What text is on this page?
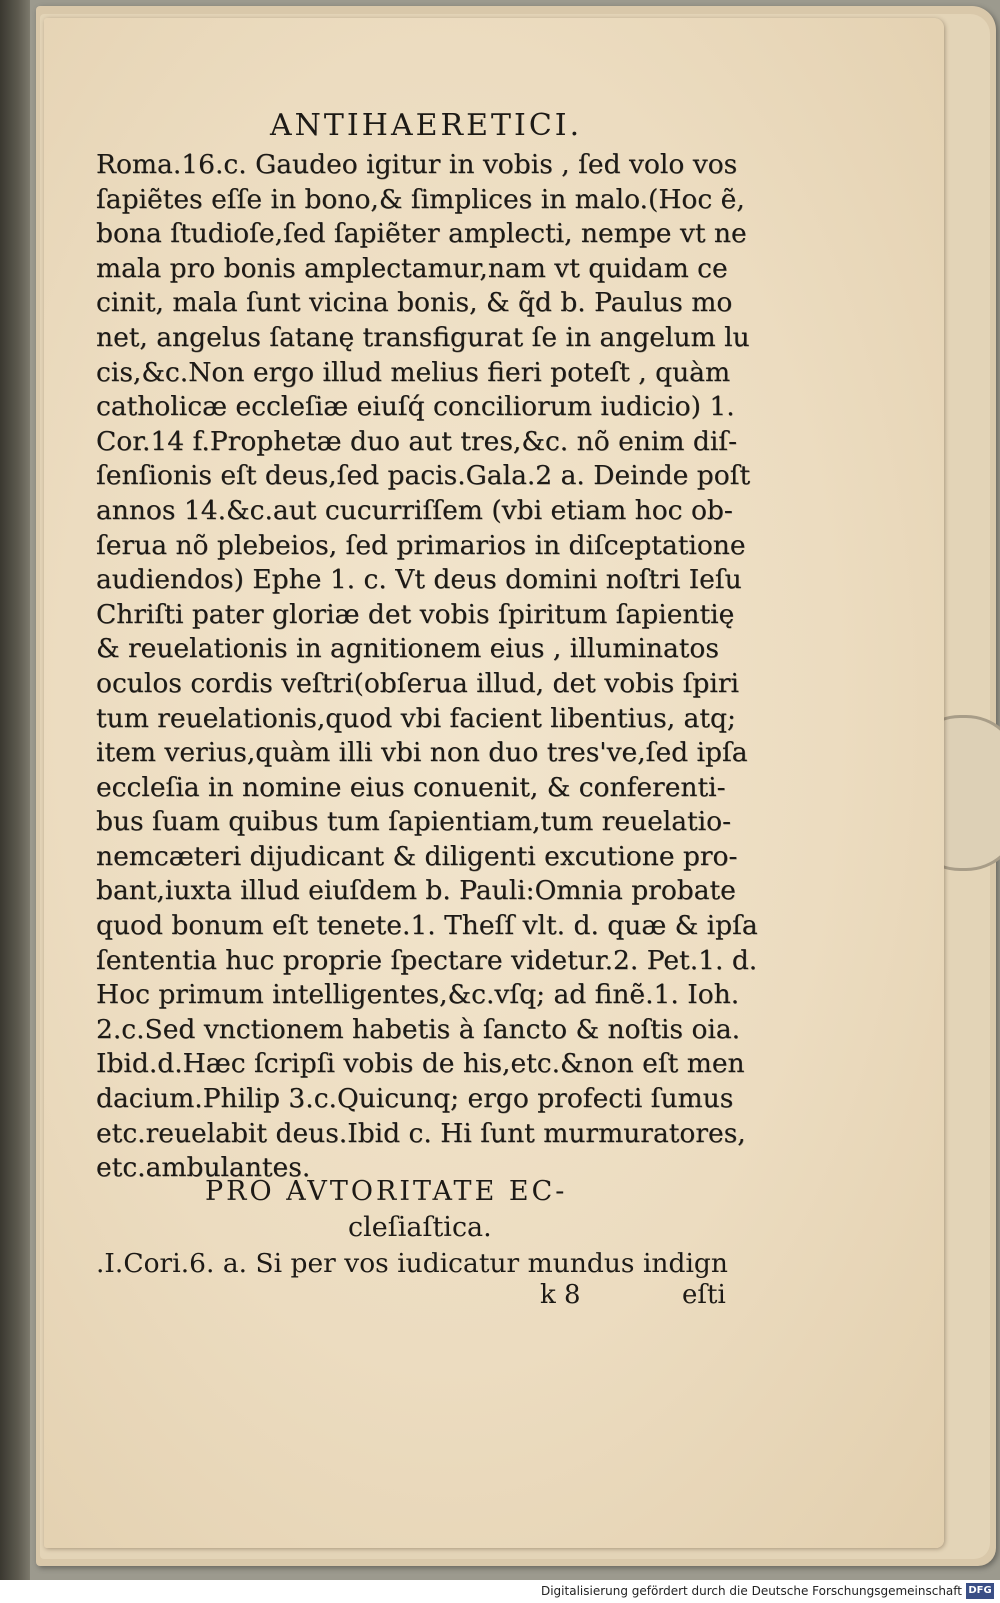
ANTIHAERETICI.
Roma.16.c. Gaudeo igitur in vobis , ſed volo vos
ſapiẽtes eſſe in bono,& ſimplices in malo.(Hoc ẽ,
bona ſtudioſe,ſed ſapiẽter amplecti, nempe vt ne
mala pro bonis amplectamur,nam vt quidam ce
cinit, mala ſunt vicina bonis, & q̃d b. Paulus mo
net, angelus ſatanę transfigurat ſe in angelum lu
cis,&c.Non ergo illud melius fieri poteſt , quàm
catholicæ eccleſiæ eiuſq́ conciliorum iudicio) 1.
Cor.14 f.Prophetæ duo aut tres,&c. nõ enim diſ-
ſenſionis eſt deus,ſed pacis.Gala.2 a. Deinde poſt
annos 14.&c.aut cucurriſſem (vbi etiam hoc ob-
ſerua nõ plebeios, ſed primarios in diſceptatione
audiendos) Ephe 1. c. Vt deus domini noſtri Ieſu
Chriſti pater gloriæ det vobis ſpiritum ſapientię
& reuelationis in agnitionem eius , illuminatos
oculos cordis veſtri(obſerua illud, det vobis ſpiri
tum reuelationis,quod vbi facient libentius, atq;
item verius,quàm illi vbi non duo tres've,ſed ipſa
eccleſia in nomine eius conuenit, & conferenti-
bus ſuam quibus tum ſapientiam,tum reuelatio-
nemcæteri dijudicant & diligenti excutione pro-
bant,iuxta illud eiuſdem b. Pauli:Omnia probate
quod bonum eſt tenete.1. Theſſ vlt. d. quæ & ipſa
ſententia huc proprie ſpectare videtur.2. Pet.1. d.
Hoc primum intelligentes,&c.vſq; ad finẽ.1. Ioh.
2.c.Sed vnctionem habetis à ſancto & noſtis oia.
Ibid.d.Hæc ſcripſi vobis de his,etc.&non eſt men
dacium.Philip 3.c.Quicunq; ergo profecti ſumus
etc.reuelabit deus.Ibid c. Hi ſunt murmuratores,
etc.ambulantes.
PRO AVTORITATE EC-
cleſiaſtica.
.I.Cori.6. a. Si per vos iudicatur mundus indign
k 8	eſti
Digitalisierung gefördert durch die Deutsche Forschungsgemeinschaft DFG
